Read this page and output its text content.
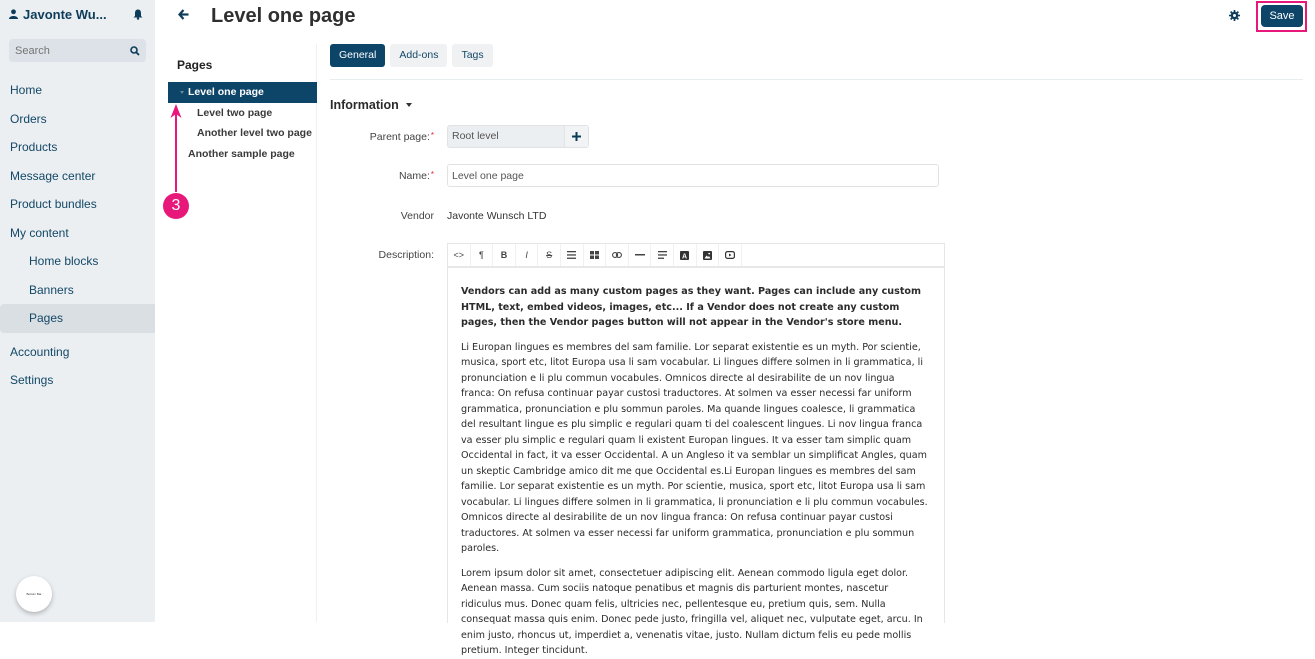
Javonte Wu...
Search
Home
Orders
Products
Message center
Product bundles
My content
Home blocks
Banners
Pages
Accounting
Settings
Bottom Bar
Level one page	Save
Pages
Level one page
Level two page
Another level two page
Another sample page
3
General	Add-ons	Tags
Information
Parent page:*	Root level
Name:*
Level one page
Vendor Javonte Wunsch LTD
Description:	<>	¶	B	I	S	A

Vendors can add as many custom pages as they want. Pages can include any custom HTML, text, embed videos, images, etc... If a Vendor does not create any custom pages, then the Vendor pages button will not appear in the Vendor's store menu.

Li Europan lingues es membres del sam familie. Lor separat existentie es un myth. Por scientie, musica, sport etc, litot Europa usa li sam vocabular. Li lingues differe solmen in li grammatica, li pronunciation e li plu commun vocabules. Omnicos directe al desirabilite de un nov lingua franca: On refusa continuar payar custosi traductores. At solmen va esser necessi far uniform grammatica, pronunciation e plu sommun paroles. Ma quande lingues coalesce, li grammatica del resultant lingue es plu simplic e regulari quam ti del coalescent lingues. Li nov lingua franca va esser plu simplic e regulari quam li existent Europan lingues. It va esser tam simplic quam Occidental in fact, it va esser Occidental. A un Angleso it va semblar un simplificat Angles, quam un skeptic Cambridge amico dit me que Occidental es.Li Europan lingues es membres del sam familie. Lor separat existentie es un myth. Por scientie, musica, sport etc, litot Europa usa li sam vocabular. Li lingues differe solmen in li grammatica, li pronunciation e li plu commun vocabules. Omnicos directe al desirabilite de un nov lingua franca: On refusa continuar payar custosi traductores. At solmen va esser necessi far uniform grammatica, pronunciation e plu sommun paroles.

Lorem ipsum dolor sit amet, consectetuer adipiscing elit. Aenean commodo ligula eget dolor. Aenean massa. Cum sociis natoque penatibus et magnis dis parturient montes, nascetur ridiculus mus. Donec quam felis, ultricies nec, pellentesque eu, pretium quis, sem. Nulla consequat massa quis enim. Donec pede justo, fringilla vel, aliquet nec, vulputate eget, arcu. In enim justo, rhoncus ut, imperdiet a, venenatis vitae, justo. Nullam dictum felis eu pede mollis pretium. Integer tincidunt.
